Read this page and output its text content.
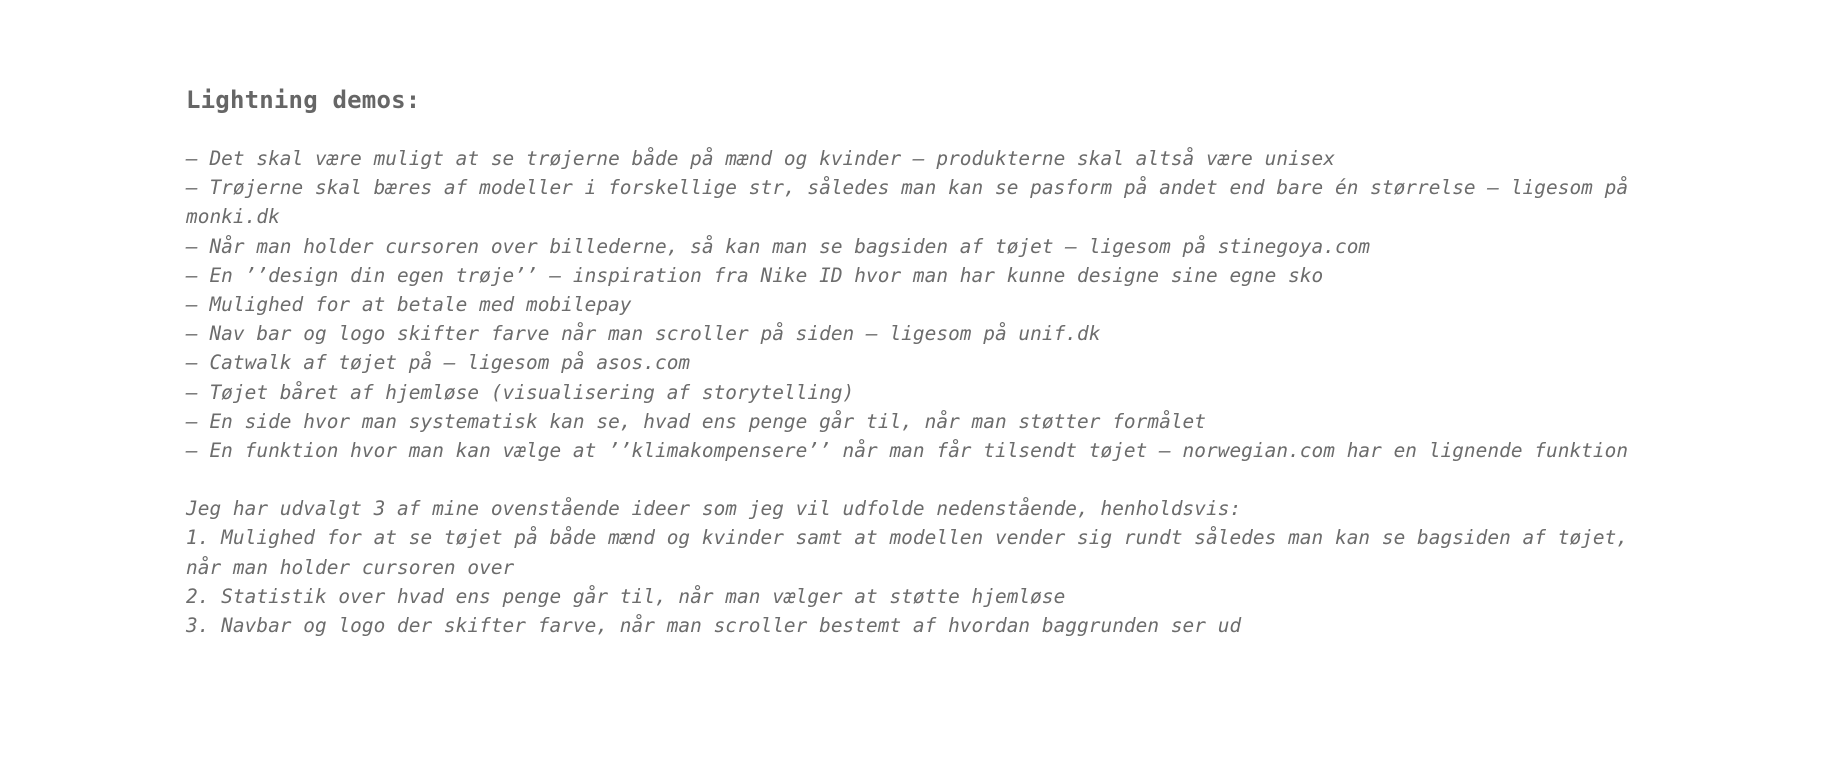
Lightning demos:
– Det skal være muligt at se trøjerne både på mænd og kvinder – produkterne skal altså være unisex
– Trøjerne skal bæres af modeller i forskellige str, således man kan se pasform på andet end bare én størrelse – ligesom på monki.dk
– Når man holder cursoren over billederne, så kan man se bagsiden af tøjet – ligesom på stinegoya.com
– En ’’design din egen trøje’’ – inspiration fra Nike ID hvor man har kunne designe sine egne sko
– Mulighed for at betale med mobilepay
– Nav bar og logo skifter farve når man scroller på siden – ligesom på unif.dk
– Catwalk af tøjet på – ligesom på asos.com
– Tøjet båret af hjemløse (visualisering af storytelling)
– En side hvor man systematisk kan se, hvad ens penge går til, når man støtter formålet
– En funktion hvor man kan vælge at ’’klimakompensere’’ når man får tilsendt tøjet – norwegian.com har en lignende funktion

Jeg har udvalgt 3 af mine ovenstående ideer som jeg vil udfolde nedenstående, henholdsvis:

1. Mulighed for at se tøjet på både mænd og kvinder samt at modellen vender sig rundt således man kan se bagsiden af tøjet, når man holder cursoren over
2. Statistik over hvad ens penge går til, når man vælger at støtte hjemløse
3. Navbar og logo der skifter farve, når man scroller bestemt af hvordan baggrunden ser ud
